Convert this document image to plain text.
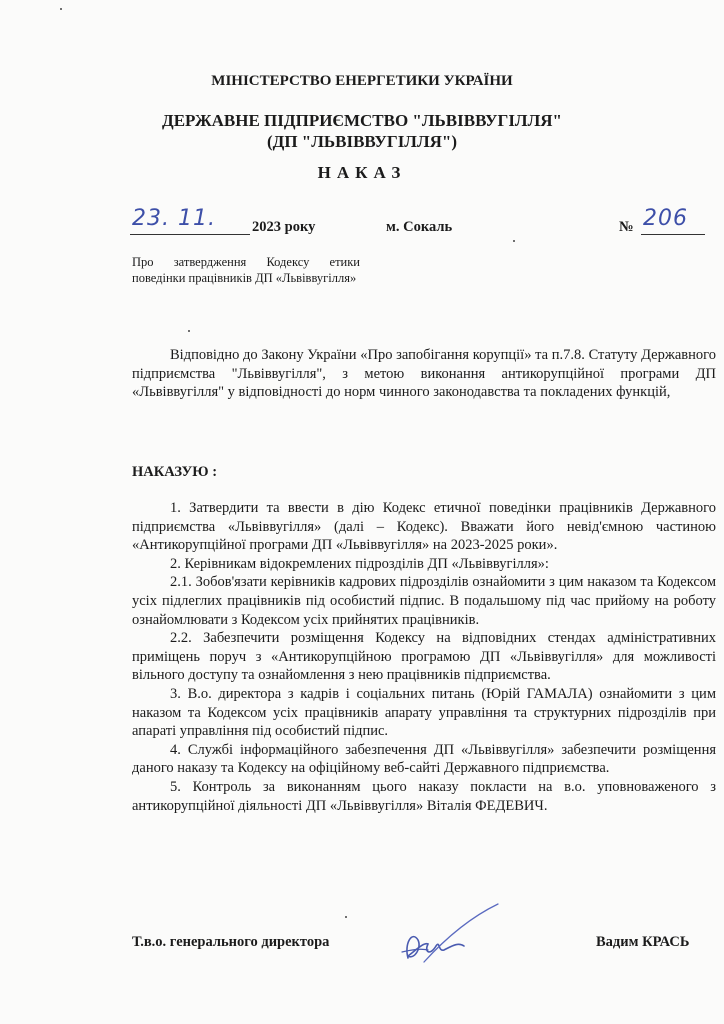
МІНІСТЕРСТВО ЕНЕРГЕТИКИ УКРАЇНИ
ДЕРЖАВНЕ ПІДПРИЄМСТВО "ЛЬВІВВУГІЛЛЯ"
(ДП "ЛЬВІВВУГІЛЛЯ")
НАКАЗ
23. 11. 2023 року	м. Сокаль	№ 206
Про затвердження Кодексу етики поведінки працівників ДП «Львіввугілля»
Відповідно до Закону України «Про запобігання корупції» та п.7.8. Статуту Державного підприємства "Львіввугілля", з метою виконання антикорупційної програми ДП «Львіввугілля" у відповідності до норм чинного законодавства та покладених функцій,
НАКАЗУЮ :

1. Затвердити та ввести в дію Кодекс етичної поведінки працівників Державного підприємства «Львіввугілля» (далі – Кодекс). Вважати його невід'ємною частиною «Антикорупційної програми ДП «Львіввугілля» на 2023-2025 роки».

2. Керівникам відокремлених підрозділів ДП «Львіввугілля»:

2.1. Зобов'язати керівників кадрових підрозділів ознайомити з цим наказом та Кодексом усіх підлеглих працівників під особистий підпис. В подальшому під час прийому на роботу ознайомлювати з Кодексом усіх прийнятих працівників.

2.2. Забезпечити розміщення Кодексу на відповідних стендах адміністративних приміщень поруч з «Антикорупційною програмою ДП «Львіввугілля» для можливості вільного доступу та ознайомлення з нею працівників підприємства.

3. В.о. директора з кадрів і соціальних питань (Юрій ГАМАЛА) ознайомити з цим наказом та Кодексом усіх працівників апарату управління та структурних підрозділів при апараті управління під особистий підпис.

4. Службі інформаційного забезпечення ДП «Львіввугілля» забезпечити розміщення даного наказу та Кодексу на офіційному веб-сайті Державного підприємства.

5. Контроль за виконанням цього наказу покласти на в.о. уповноваженого з антикорупційної діяльності ДП «Львіввугілля» Віталія ФЕДЕВИЧ.

Т.в.о. генерального директора	Вадим КРАСЬ
